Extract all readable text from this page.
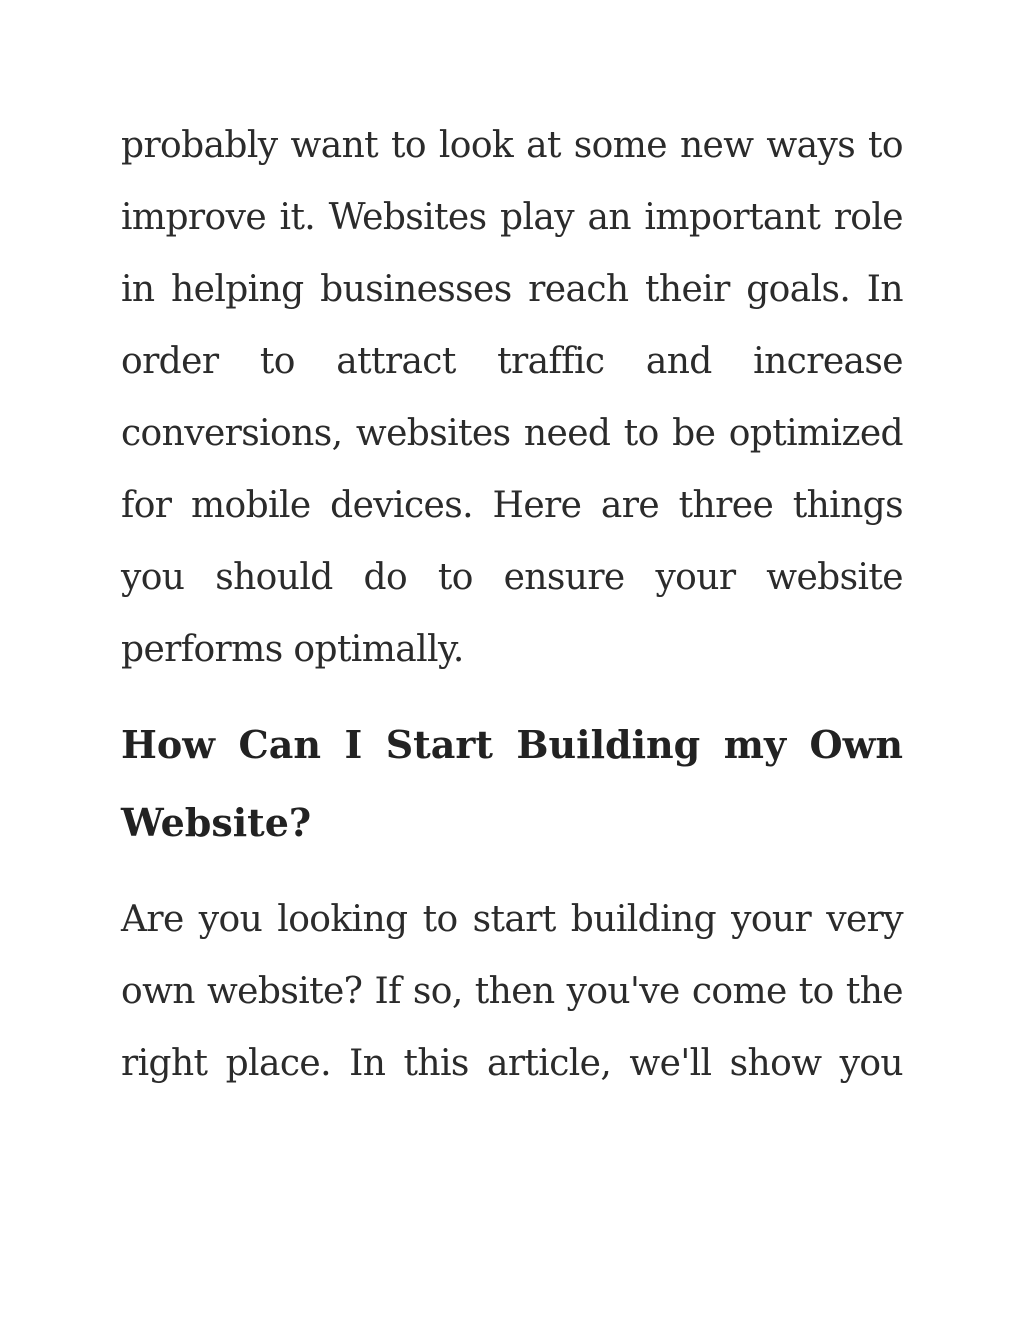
probably want to look at some new ways to
improve it. Websites play an important role
in helping businesses reach their goals. In
order to attract traffic and increase
conversions, websites need to be optimized
for mobile devices. Here are three things
you should do to ensure your website
performs optimally.

How Can I Start Building my Own
Website?

Are you looking to start building your very
own website? If so, then you've come to the
right place. In this article, we'll show you
